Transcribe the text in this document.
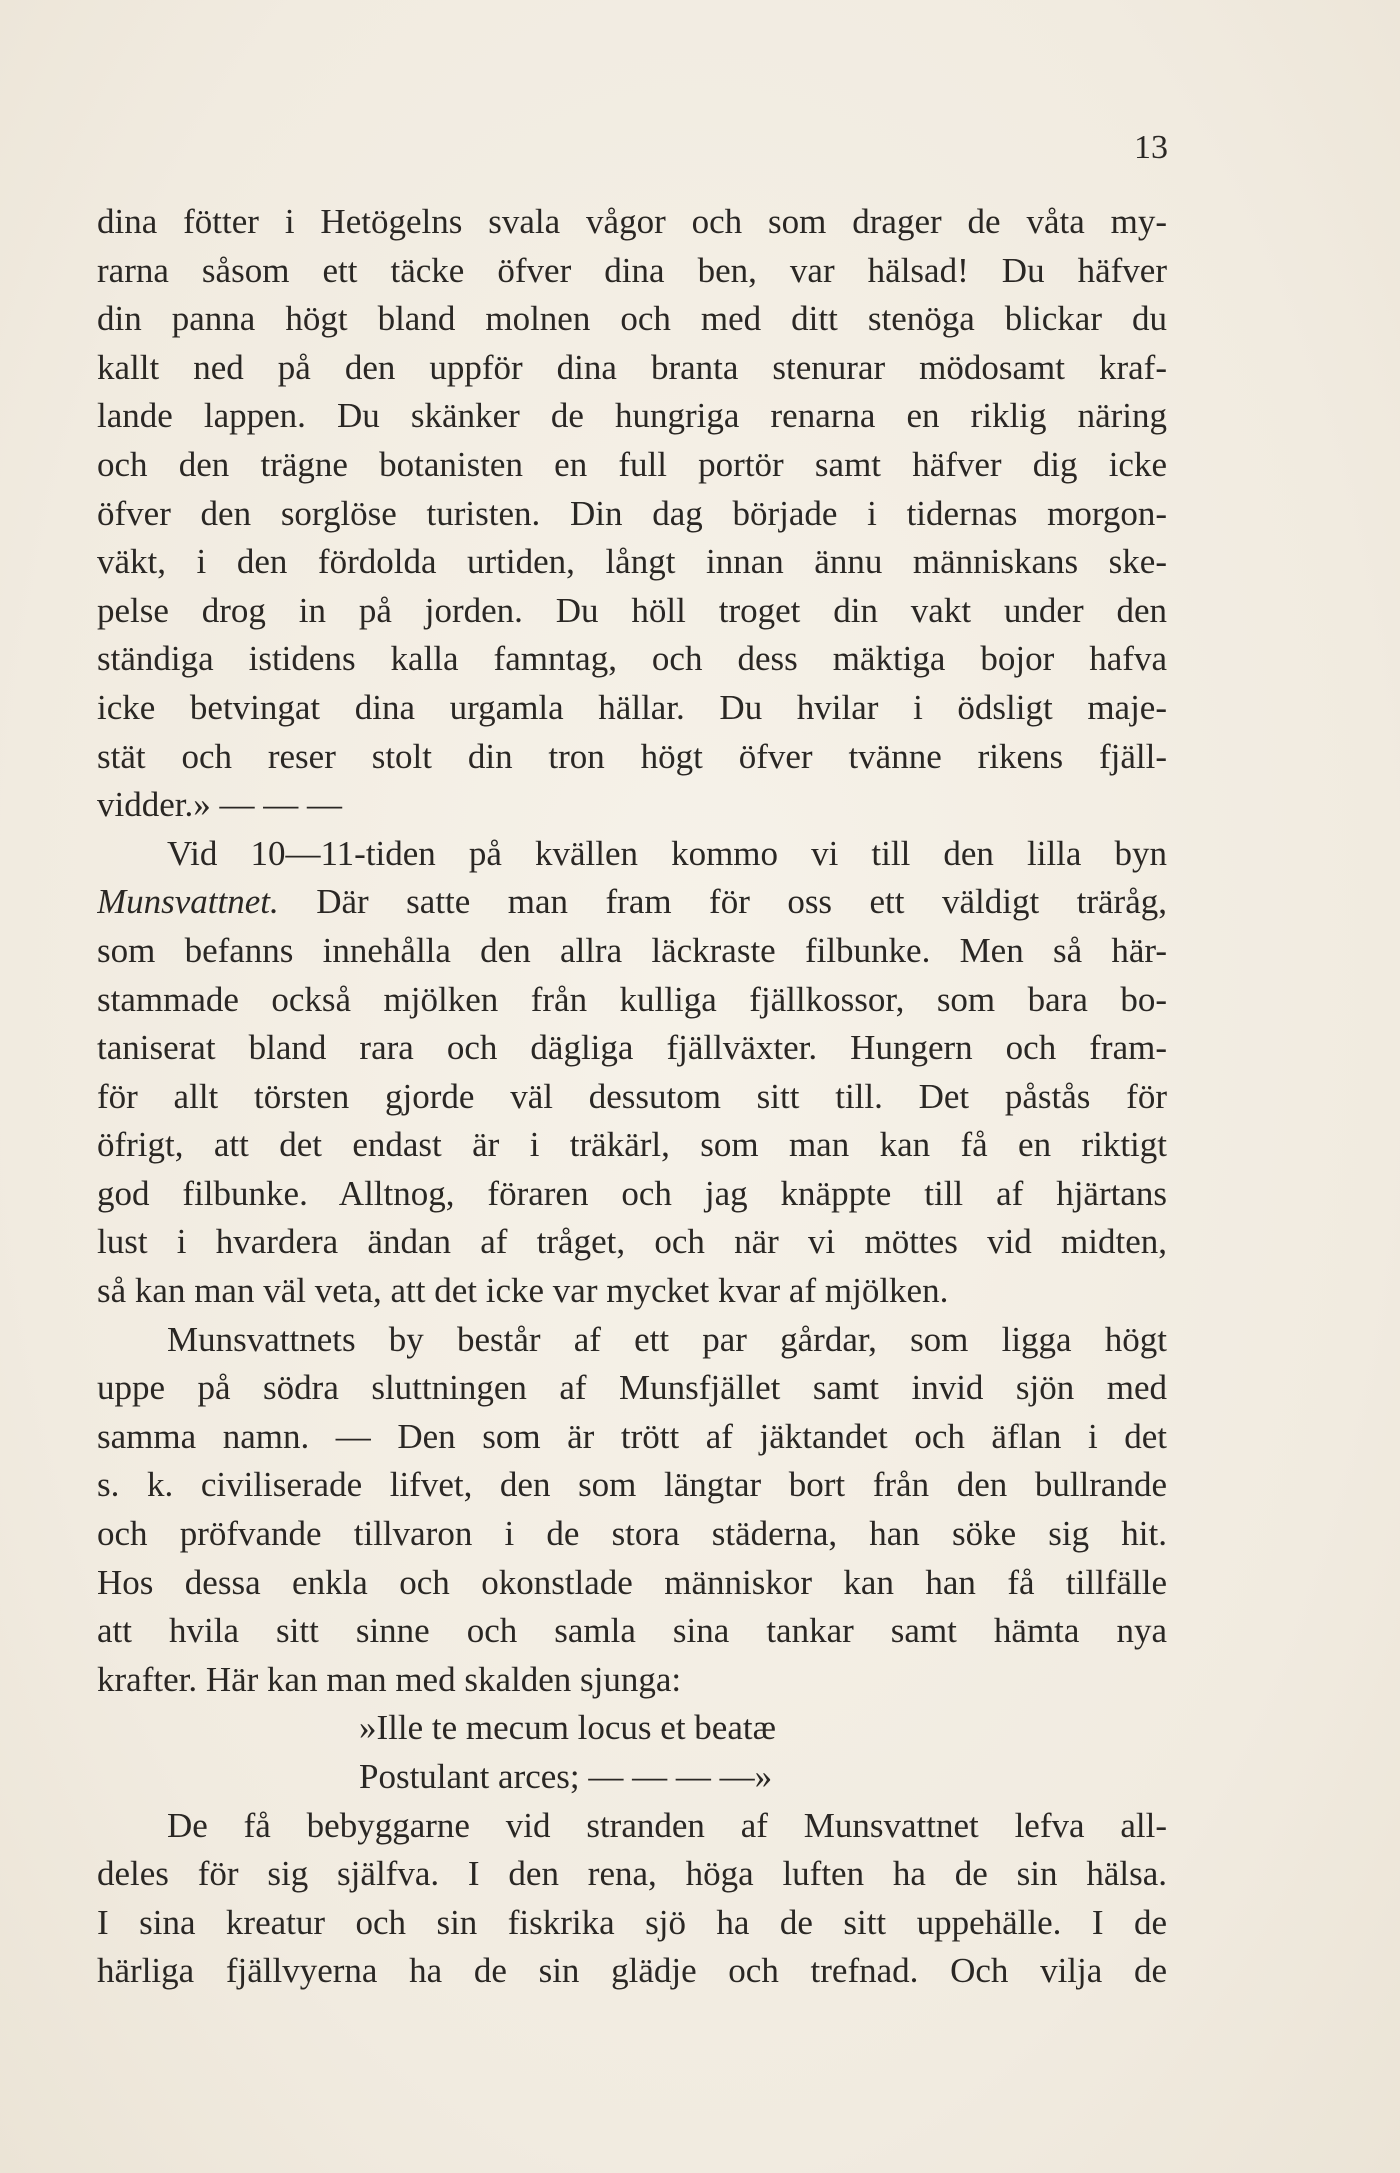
13
dina fötter i Hetögelns svala vågor och som drager de våta my-
rarna såsom ett täcke öfver dina ben, var hälsad! Du häfver
din panna högt bland molnen och med ditt stenöga blickar du
kallt ned på den uppför dina branta stenurar mödosamt kraf-
lande lappen. Du skänker de hungriga renarna en riklig näring
och den trägne botanisten en full portör samt häfver dig icke
öfver den sorglöse turisten. Din dag började i tidernas morgon-
väkt, i den fördolda urtiden, långt innan ännu människans ske-
pelse drog in på jorden. Du höll troget din vakt under den
ständiga istidens kalla famntag, och dess mäktiga bojor hafva
icke betvingat dina urgamla hällar. Du hvilar i ödsligt maje-
stät och reser stolt din tron högt öfver tvänne rikens fjäll-
vidder.» — — —
Vid 10—11-tiden på kvällen kommo vi till den lilla byn
Munsvattnet. Där satte man fram för oss ett väldigt träråg,
som befanns innehålla den allra läckraste filbunke. Men så här-
stammade också mjölken från kulliga fjällkossor, som bara bo-
taniserat bland rara och dägliga fjällväxter. Hungern och fram-
för allt törsten gjorde väl dessutom sitt till. Det påstås för
öfrigt, att det endast är i träkärl, som man kan få en riktigt
god filbunke. Alltnog, föraren och jag knäppte till af hjärtans
lust i hvardera ändan af tråget, och när vi möttes vid midten,
så kan man väl veta, att det icke var mycket kvar af mjölken.
Munsvattnets by består af ett par gårdar, som ligga högt
uppe på södra sluttningen af Munsfjället samt invid sjön med
samma namn. — Den som är trött af jäktandet och äflan i det
s. k. civiliserade lifvet, den som längtar bort från den bullrande
och pröfvande tillvaron i de stora städerna, han söke sig hit.
Hos dessa enkla och okonstlade människor kan han få tillfälle
att hvila sitt sinne och samla sina tankar samt hämta nya
krafter. Här kan man med skalden sjunga:
»Ille te mecum locus et beatæ
Postulant arces; — — — —»
De få bebyggarne vid stranden af Munsvattnet lefva all-
deles för sig själfva. I den rena, höga luften ha de sin hälsa.
I sina kreatur och sin fiskrika sjö ha de sitt uppehälle. I de
härliga fjällvyerna ha de sin glädje och trefnad. Och vilja de
